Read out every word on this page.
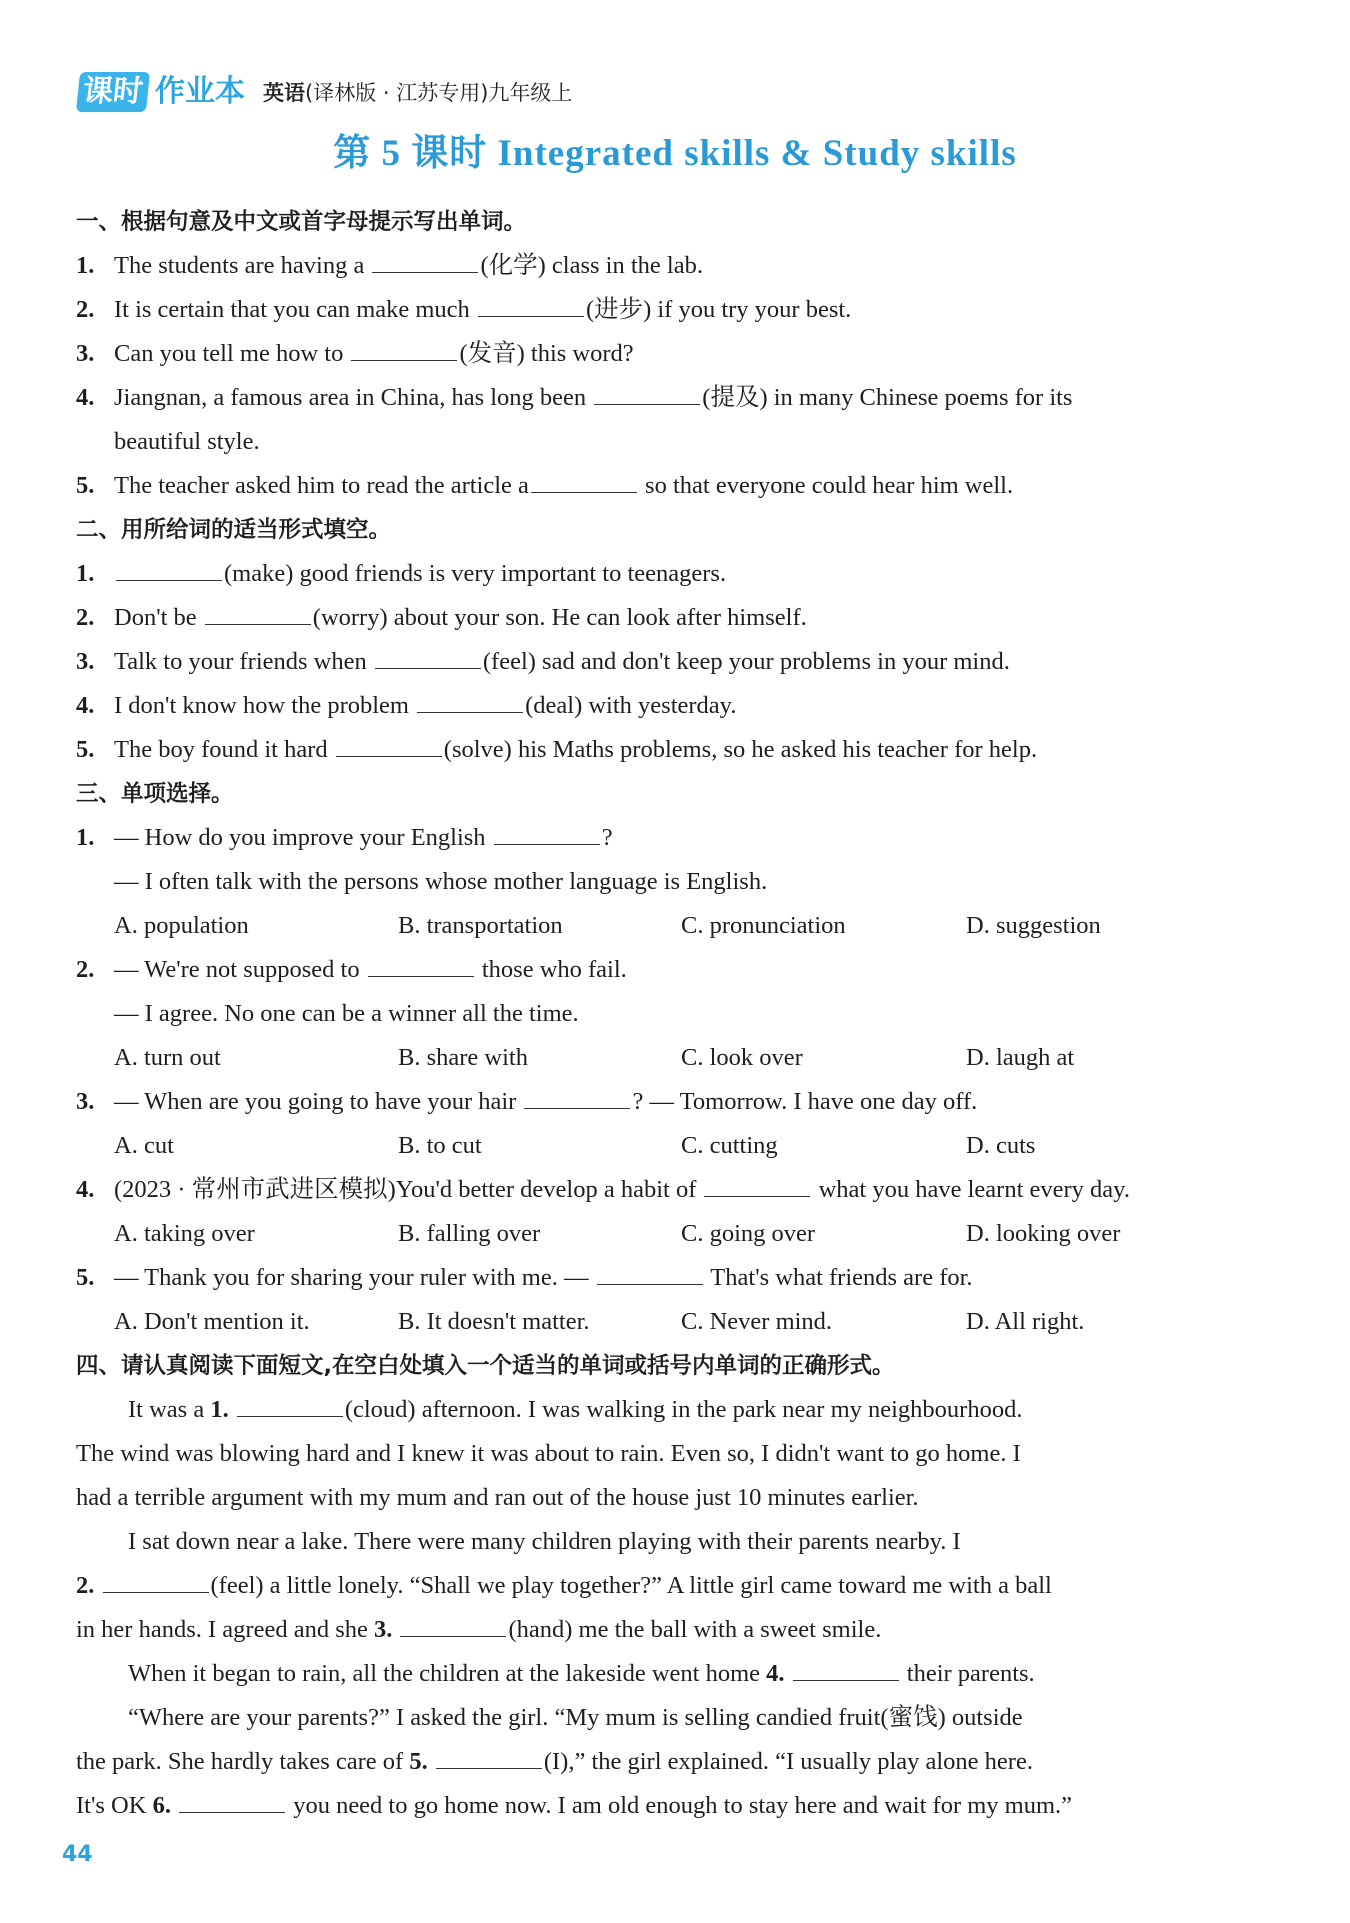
课时 作业本 英语(译林版 · 江苏专用)九年级上
第 5 课时 Integrated skills & Study skills
一、根据句意及中文或首字母提示写出单词。
1. The students are having a	(化学) class in the lab.
2. It is certain that you can make much	(进步) if you try your best.
3. Can you tell me how to	(发音) this word?
4. Jiangnan, a famous area in China, has long been	(提及) in many Chinese poems for its
beautiful style.
5. The teacher asked him to read the article a	so that everyone could hear him well.
二、用所给词的适当形式填空。
1.	(make) good friends is very important to teenagers.
2. Don't be	(worry) about your son. He can look after himself.
3. Talk to your friends when	(feel) sad and don't keep your problems in your mind.
4. I don't know how the problem	(deal) with yesterday.
5. The boy found it hard	(solve) his Maths problems, so he asked his teacher for help.
三、单项选择。
1. — How do you improve your English	?
— I often talk with the persons whose mother language is English.
A. population	B. transportation	C. pronunciation	D. suggestion
2. — We're not supposed to	those who fail.
— I agree. No one can be a winner all the time.
A. turn out	B. share with	C. look over	D. laugh at
3. — When are you going to have your hair	? — Tomorrow. I have one day off.
A. cut	B. to cut	C. cutting	D. cuts
4. (2023 · 常州市武进区模拟)You'd better develop a habit of	what you have learnt every day.
A. taking over	B. falling over	C. going over	D. looking over
5. — Thank you for sharing your ruler with me. —	That's what friends are for.
A. Don't mention it.	B. It doesn't matter.	C. Never mind.	D. All right.
四、请认真阅读下面短文,在空白处填入一个适当的单词或括号内单词的正确形式。
It was a 1.	(cloud) afternoon. I was walking in the park near my neighbourhood.
The wind was blowing hard and I knew it was about to rain. Even so, I didn't want to go home. I
had a terrible argument with my mum and ran out of the house just 10 minutes earlier.
I sat down near a lake. There were many children playing with their parents nearby. I
2.	(feel) a little lonely. “Shall we play together?” A little girl came toward me with a ball
in her hands. I agreed and she 3.	(hand) me the ball with a sweet smile.
When it began to rain, all the children at the lakeside went home 4.	their parents.
“Where are your parents?” I asked the girl. “My mum is selling candied fruit(蜜饯) outside
the park. She hardly takes care of 5.	(I),” the girl explained. “I usually play alone here.
It's OK 6.	you need to go home now. I am old enough to stay here and wait for my mum.”
44
